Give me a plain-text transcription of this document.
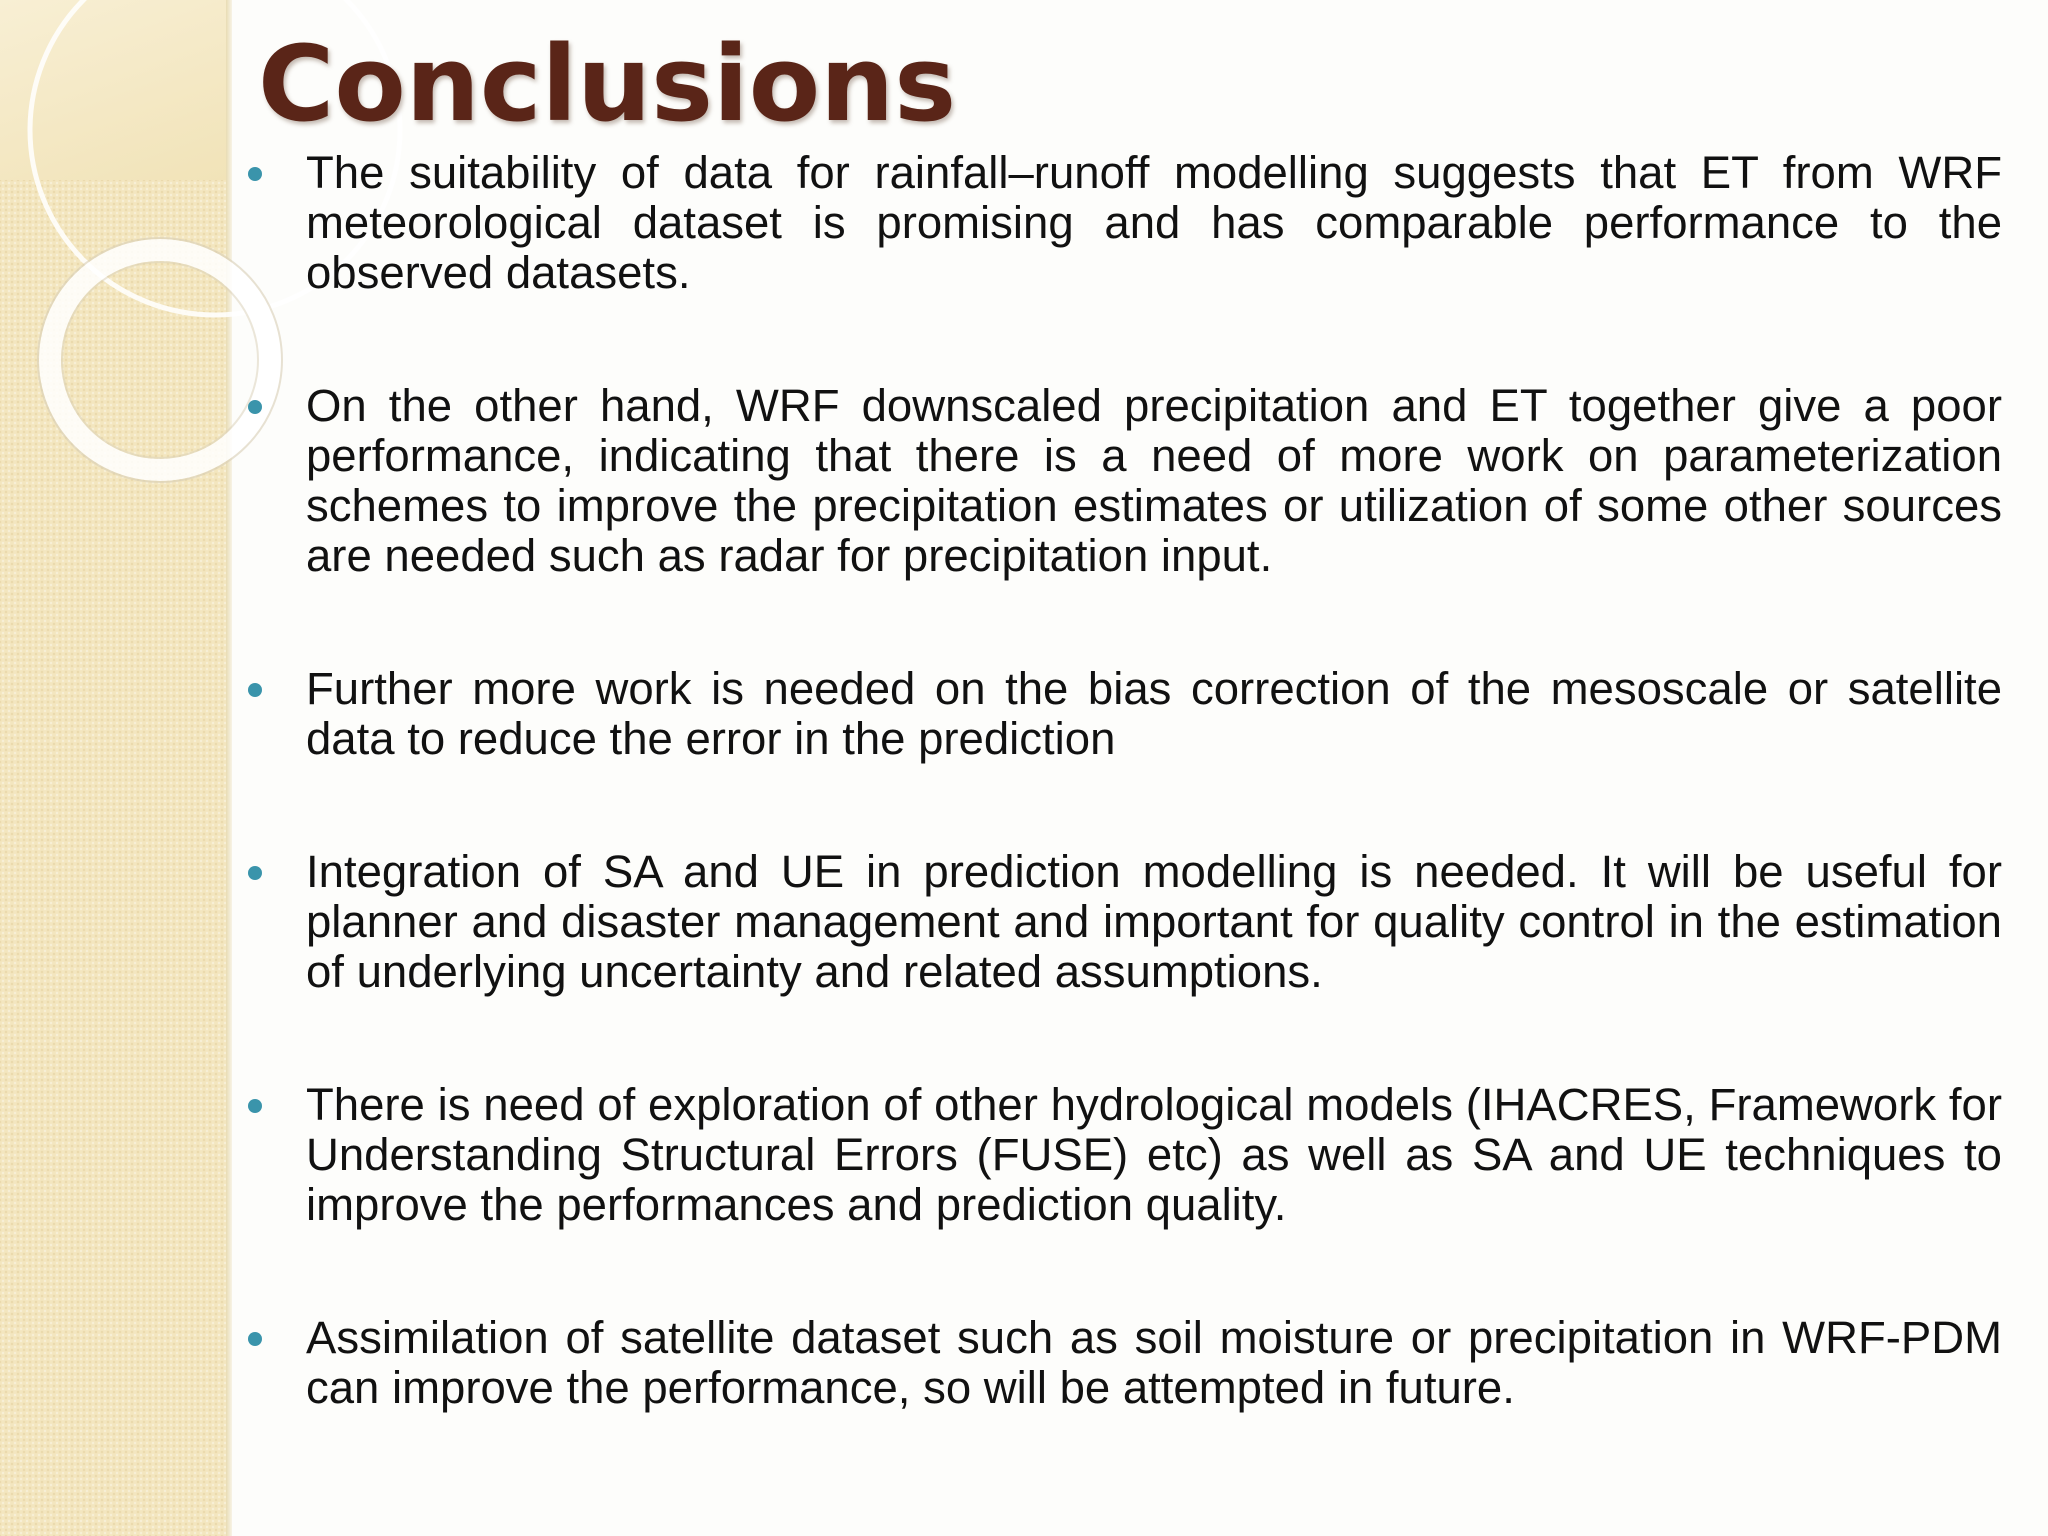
Conclusions
The suitability of data for rainfall–runoff modelling suggests that ET from WRF meteorological dataset is promising and has comparable performance to the observed datasets.
On the other hand, WRF downscaled precipitation and ET together give a poor performance, indicating that there is a need of more work on parameterization schemes to improve the precipitation estimates or utilization of some other sources are needed such as radar for precipitation input.
Further more work is needed on the bias correction of the mesoscale or satellite data to reduce the error in the prediction
Integration of SA and UE in prediction modelling is needed. It will be useful for planner and disaster management and important for quality control in the estimation of underlying uncertainty and related assumptions.
There is need of exploration of other hydrological models (IHACRES, Framework for Understanding Structural Errors (FUSE) etc) as well as SA and UE techniques to improve the performances and prediction quality.
Assimilation of satellite dataset such as soil moisture or precipitation in WRF-PDM can improve the performance, so will be attempted in future.
